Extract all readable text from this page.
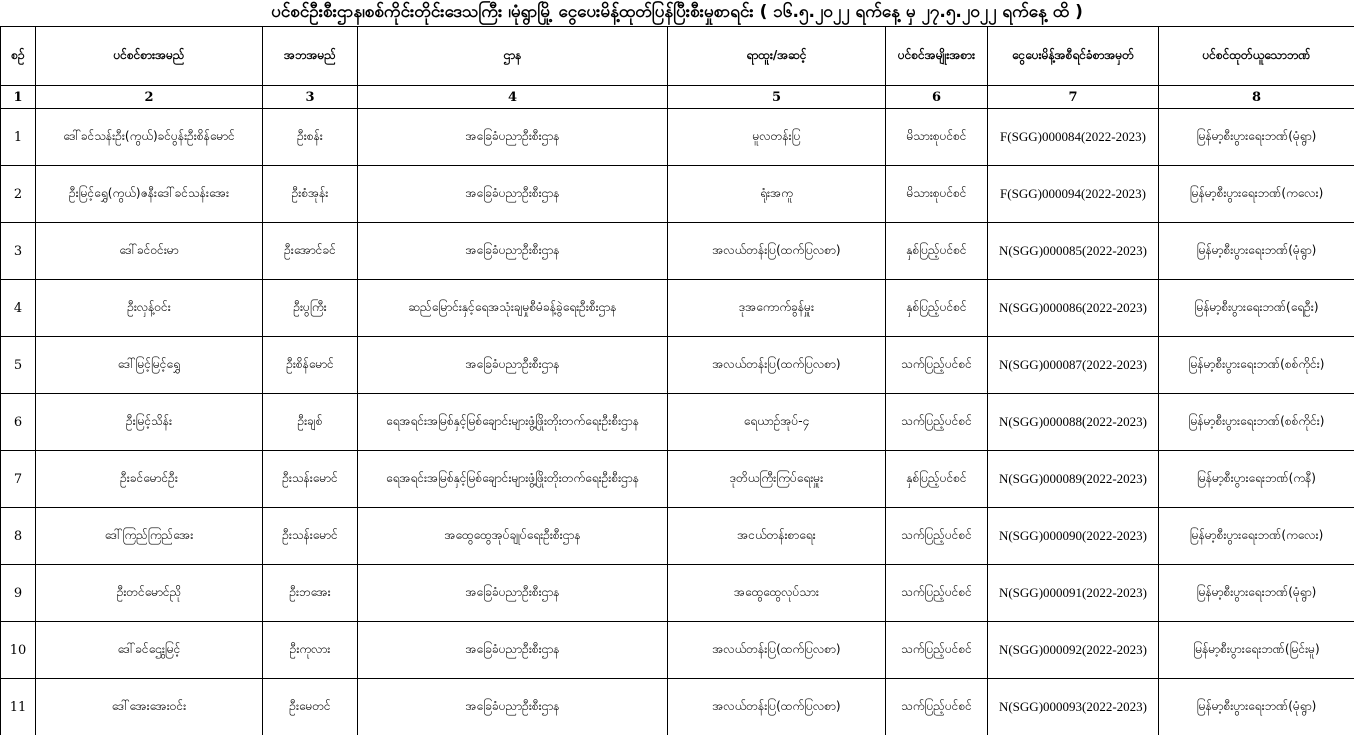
ပင်စင်ဦးစီးဌာန၊စစ်ကိုင်းတိုင်းဒေသကြီး ၊မုံရွာမြို့ ငွေပေးမိန့်ထုတ်ပြန်ပြီးစီးမှုစာရင်း ( ၁၆.၅.၂၀၂၂ ရက်နေ့ မှ ၂၇.၅.၂၀၂၂ ရက်နေ့ ထိ )
စဉ်	ပင်စင်စားအမည်	အဘအမည်	ဌာန	ရာထူး/အဆင့်	ပင်စင်အမျိုးအစား	ငွေပေးမိန့်အစီရင်ခံစာအမှတ်	ပင်စင်ထုတ်ယူသောဘဏ်
1	2	3	4	5	6	7	8
1	ဒေါ်ခင်သန်းဦး(ကွယ်)ခင်ပွန်းဦးစိန်မောင်	ဦးစန်း	အခြေခံပညာဦးစီးဌာန	မူလတန်းပြ	မိသားစုပင်စင်	F(SGG)000084(2022-2023)	မြန်မာ့စီးပွားရေးဘဏ်(မုံရွာ)
2	ဦးမြင့်ရွှေ(ကွယ်)ဇနီးဒေါ်ခင်သန်းအေး	ဦးစံအုန်း	အခြေခံပညာဦးစီးဌာန	ရုံးအကူ	မိသားစုပင်စင်	F(SGG)000094(2022-2023)	မြန်မာ့စီးပွားရေးဘဏ်(ကလေး)
3	ဒေါ်ခင်ဝင်းမာ	ဦးအောင်ခင်	အခြေခံပညာဦးစီးဌာန	အလယ်တန်းပြ(ထက်ပြလစာ)	နှစ်ပြည့်ပင်စင်	N(SGG)000085(2022-2023)	မြန်မာ့စီးပွားရေးဘဏ်(မုံရွာ)
4	ဦးလှန့်ဝင်း	ဦးပွကြီး	ဆည်မြောင်းနှင့်ရေအသုံးချမှုစီမံခန့်ခွဲရေးဦးစီးဌာန	ဒုအကောက်ခွန်မှူး	နှစ်ပြည့်ပင်စင်	N(SGG)000086(2022-2023)	မြန်မာ့စီးပွားရေးဘဏ်(ရေဦး)
5	ဒေါ်မြင့်မြင့်ရွှေ	ဦးစိန်မောင်	အခြေခံပညာဦးစီးဌာန	အလယ်တန်းပြ(ထက်ပြလစာ)	သက်ပြည့်ပင်စင်	N(SGG)000087(2022-2023)	မြန်မာ့စီးပွားရေးဘဏ်(စစ်ကိုင်း)
6	ဦးမြင့်သိန်း	ဦးချစ်	ရေအရင်းအမြစ်နှင့်မြစ်ချောင်းများဖွံ့ဖြိုးတိုးတက်ရေးဦးစီးဌာန	ရေယာဉ်အုပ်-၄	သက်ပြည့်ပင်စင်	N(SGG)000088(2022-2023)	မြန်မာ့စီးပွားရေးဘဏ်(စစ်ကိုင်း)
7	ဦးခင်မောင်ဦး	ဦးသန်းမောင်	ရေအရင်းအမြစ်နှင့်မြစ်ချောင်းများဖွံ့ဖြိုးတိုးတက်ရေးဦးစီးဌာန	ဒုတိယကြီးကြပ်ရေးမှူး	နှစ်ပြည့်ပင်စင်	N(SGG)000089(2022-2023)	မြန်မာ့စီးပွားရေးဘဏ်(ကနီ)
8	ဒေါ်ကြည်ကြည်အေး	ဦးသန်းမောင်	အထွေထွေအုပ်ချုပ်ရေးဦးစီးဌာန	အငယ်တန်းစာရေး	သက်ပြည့်ပင်စင်	N(SGG)000090(2022-2023)	မြန်မာ့စီးပွားရေးဘဏ်(ကလေး)
9	ဦးတင်မောင်ညို	ဦးဘအေး	အခြေခံပညာဦးစီးဌာန	အထွေထွေလုပ်သား	သက်ပြည့်ပင်စင်	N(SGG)000091(2022-2023)	မြန်မာ့စီးပွားရေးဘဏ်(မုံရွာ)
10	ဒေါ်ခင်ဌွေးမြင့်	ဦးကုလား	အခြေခံပညာဦးစီးဌာန	အလယ်တန်းပြ(ထက်ပြလစာ)	သက်ပြည့်ပင်စင်	N(SGG)000092(2022-2023)	မြန်မာ့စီးပွားရေးဘဏ်(မြင်းမူ)
11	ဒေါ်အေးအေးဝင်း	ဦးမေတင်	အခြေခံပညာဦးစီးဌာန	အလယ်တန်းပြ(ထက်ပြလစာ)	သက်ပြည့်ပင်စင်	N(SGG)000093(2022-2023)	မြန်မာ့စီးပွားရေးဘဏ်(မုံရွာ)
